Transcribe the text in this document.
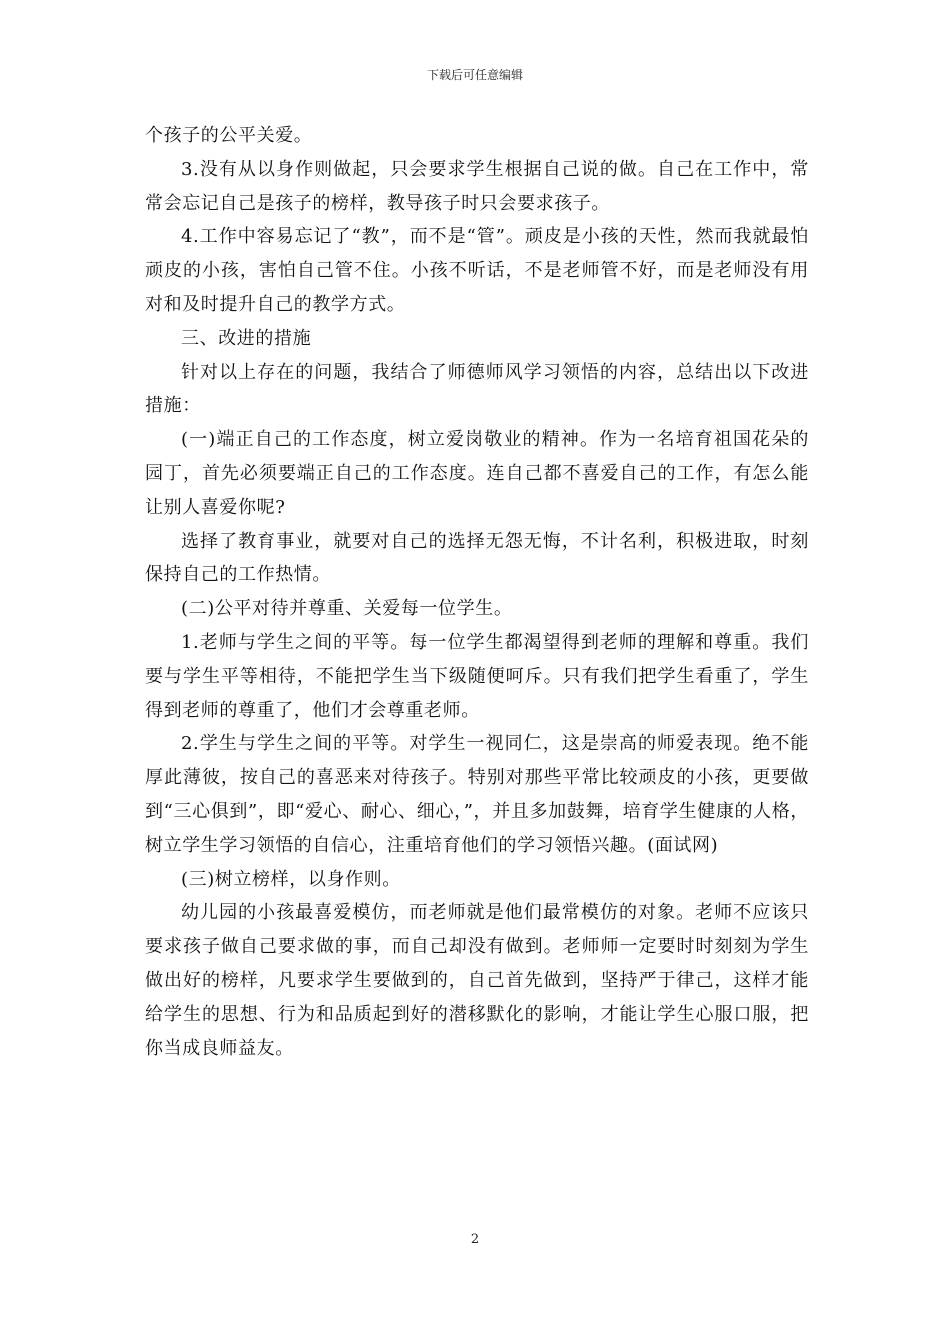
下载后可任意编辑

个孩子的公平关爱。

3.没有从以身作则做起，只会要求学生根据自己说的做。自己在工作中，常常会忘记自己是孩子的榜样，教导孩子时只会要求孩子。

4.工作中容易忘记了“教”，而不是“管”。顽皮是小孩的天性，然而我就最怕顽皮的小孩，害怕自己管不住。小孩不听话，不是老师管不好，而是老师没有用对和及时提升自己的教学方式。

三、改进的措施

针对以上存在的问题，我结合了师德师风学习领悟的内容，总结出以下改进措施：

(一)端正自己的工作态度，树立爱岗敬业的精神。作为一名培育祖国花朵的园丁，首先必须要端正自己的工作态度。连自己都不喜爱自己的工作，有怎么能让别人喜爱你呢?

选择了教育事业，就要对自己的选择无怨无悔，不计名利，积极进取，时刻保持自己的工作热情。

(二)公平对待并尊重、关爱每一位学生。

1.老师与学生之间的平等。每一位学生都渴望得到老师的理解和尊重。我们要与学生平等相待，不能把学生当下级随便呵斥。只有我们把学生看重了，学生得到老师的尊重了，他们才会尊重老师。

2.学生与学生之间的平等。对学生一视同仁，这是崇高的师爱表现。绝不能厚此薄彼，按自己的喜恶来对待孩子。特别对那些平常比较顽皮的小孩，更要做到“三心俱到”，即“爱心、耐心、细心，”，并且多加鼓舞，培育学生健康的人格，树立学生学习领悟的自信心，注重培育他们的学习领悟兴趣。(面试网)

(三)树立榜样，以身作则。

幼儿园的小孩最喜爱模仿，而老师就是他们最常模仿的对象。老师不应该只要求孩子做自己要求做的事，而自己却没有做到。老师师一定要时时刻刻为学生做出好的榜样，凡要求学生要做到的，自己首先做到，坚持严于律己，这样才能给学生的思想、行为和品质起到好的潜移默化的影响，才能让学生心服口服，把你当成良师益友。

2
